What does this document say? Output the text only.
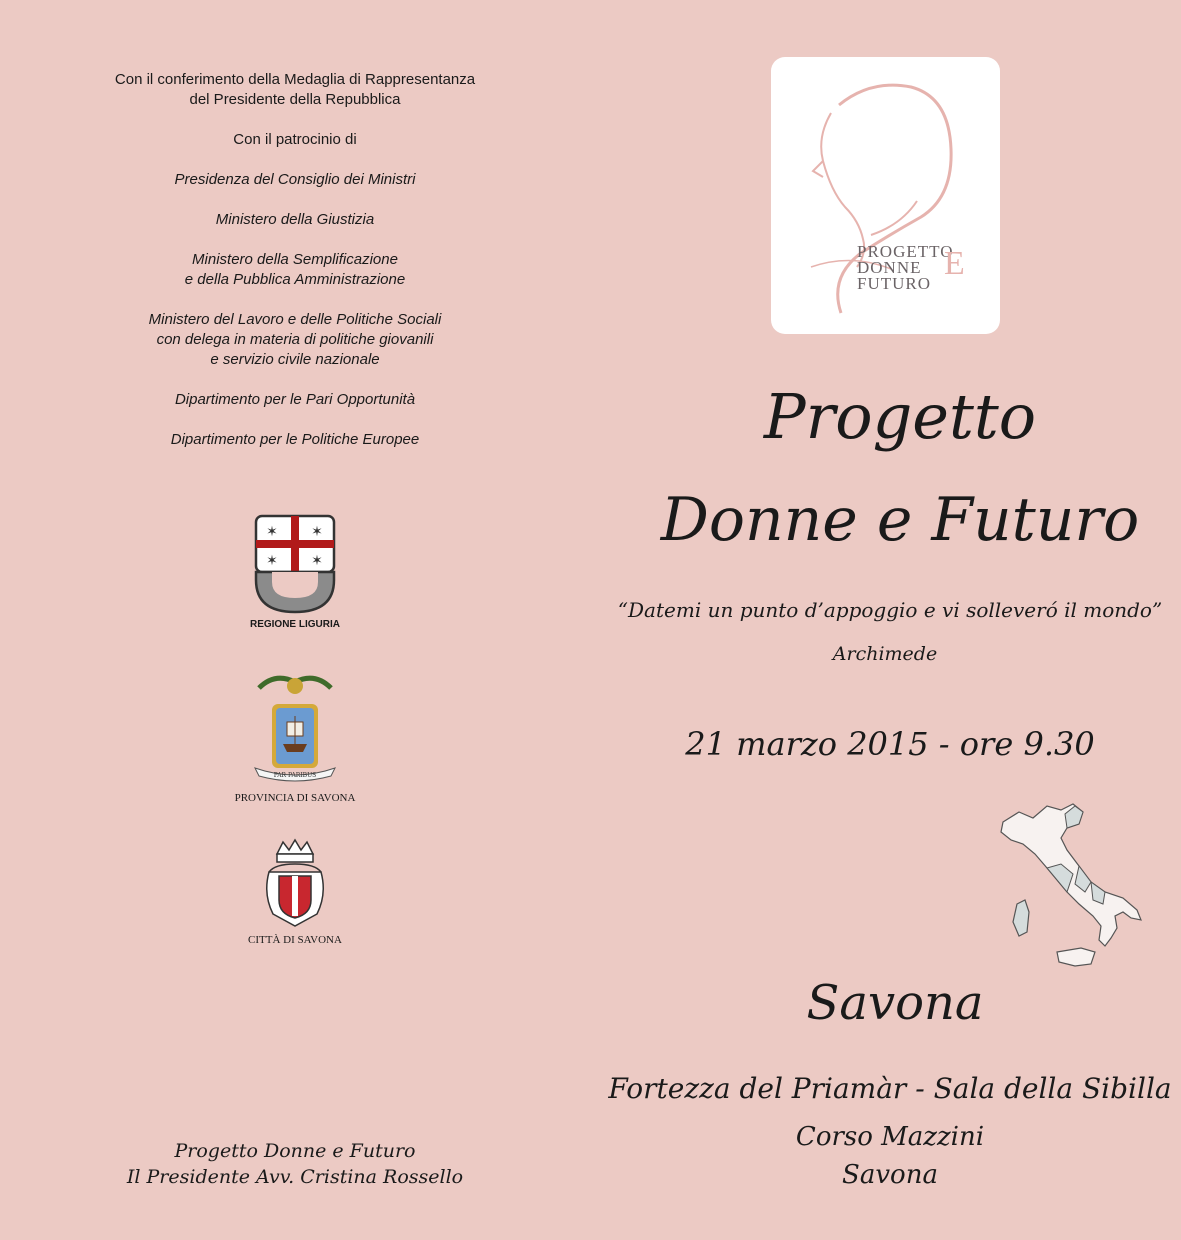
Con il conferimento della Medaglia di Rappresentanza
del Presidente della Repubblica

Con il patrocinio di

Presidenza del Consiglio dei Ministri

Ministero della Giustizia

Ministero della Semplificazione
e della Pubblica Amministrazione

Ministero del Lavoro e delle Politiche Sociali
con delega in materia di politiche giovanili
e servizio civile nazionale

Dipartimento per le Pari Opportunità

Dipartimento per le Politiche Europee

✶ ✶
✶ ✶
REGIONE LIGURIA
PAR PARIBUS
PROVINCIA DI SAVONA
CITTÀ DI SAVONA
Progetto Donne e Futuro
Il Presidente Avv. Cristina Rossello
PROGETTO
DONNE
FUTURO
E
Progetto
Donne e Futuro
“Datemi un punto d’appoggio e vi solleveró il mondo”
Archimede
21 marzo 2015 - ore 9.30
Savona
Fortezza del Priamàr - Sala della Sibilla
Corso Mazzini
Savona
